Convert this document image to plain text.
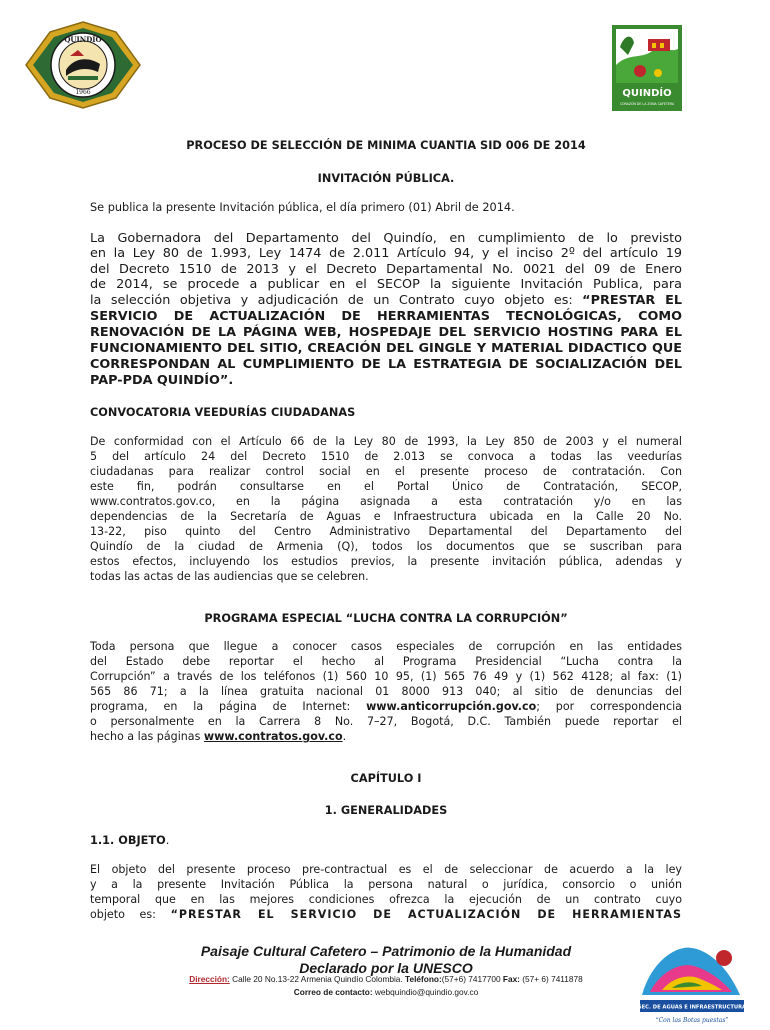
QUINDÍO
1966	QUINDÍO
CORAZÓN DE LA ZONA CAFETERA

PROCESO DE SELECCIÓN DE MINIMA CUANTIA SID 006 DE 2014

INVITACIÓN PÚBLICA.

Se publica la presente Invitación pública, el día primero (01) Abril de 2014.

La Gobernadora del Departamento del Quindío, en cumplimiento de lo previsto

en la Ley 80 de 1.993, Ley 1474 de 2.011 Artículo 94, y el inciso 2º del artículo 19

del Decreto 1510 de 2013 y el Decreto Departamental No. 0021 del 09 de Enero

de 2014, se procede a publicar en el SECOP la siguiente Invitación Publica, para

la selección objetiva y adjudicación de un Contrato cuyo objeto es: “PRESTAR EL

SERVICIO DE ACTUALIZACIÓN DE HERRAMIENTAS TECNOLÓGICAS, COMO

RENOVACIÓN DE LA PÁGINA WEB, HOSPEDAJE DEL SERVICIO HOSTING PARA EL

FUNCIONAMIENTO DEL SITIO, CREACIÓN DEL GINGLE Y MATERIAL DIDACTICO QUE

CORRESPONDAN AL CUMPLIMIENTO DE LA ESTRATEGIA DE SOCIALIZACIÓN DEL

PAP-PDA QUINDÍO”.

CONVOCATORIA VEEDURÍAS CIUDADANAS

De conformidad con el Artículo 66 de la Ley 80 de 1993, la Ley 850 de 2003 y el numeral

5 del artículo 24 del Decreto 1510 de 2.013 se convoca a todas las veedurías

ciudadanas para realizar control social en el presente proceso de contratación. Con

este fin, podrán consultarse en el Portal Único de Contratación, SECOP,

www.contratos.gov.co, en la página asignada a esta contratación y/o en las

dependencias de la Secretaría de Aguas e Infraestructura ubicada en la Calle 20 No.

13-22, piso quinto del Centro Administrativo Departamental del Departamento del

Quindío de la ciudad de Armenia (Q), todos los documentos que se suscriban para

estos efectos, incluyendo los estudios previos, la presente invitación pública, adendas y

todas las actas de las audiencias que se celebren.

PROGRAMA ESPECIAL “LUCHA CONTRA LA CORRUPCIÓN”

Toda persona que llegue a conocer casos especiales de corrupción en las entidades

del Estado debe reportar el hecho al Programa Presidencial “Lucha contra la

Corrupción” a través de los teléfonos (1) 560 10 95, (1) 565 76 49 y (1) 562 4128; al fax: (1)

565 86 71; a la línea gratuita nacional 01 8000 913 040; al sitio de denuncias del

programa, en la página de Internet: www.anticorrupción.gov.co; por correspondencia

o personalmente en la Carrera 8 No. 7–27, Bogotá, D.C. También puede reportar el

hecho a las páginas www.contratos.gov.co.

CAPÍTULO I

1. GENERALIDADES

1.1. OBJETO.

El objeto del presente proceso pre-contractual es el de seleccionar de acuerdo a la ley

y a la presente Invitación Pública la persona natural o jurídica, consorcio o unión

temporal que en las mejores condiciones ofrezca la ejecución de un contrato cuyo

objeto es: “PRESTAR EL SERVICIO DE ACTUALIZACIÓN DE HERRAMIENTAS

Paisaje Cultural Cafetero – Patrimonio de la Humanidad
Declarado por la UNESCO
Dirección: Calle 20 No.13-22 Armenia Quindío Colombia. Teléfono:(57+6) 7417700 Fax: (57+ 6) 7411878
Correo de contacto: webquindio@quindio.gov.co
SEC. DE AGUAS E INFRAESTRUCTURA
“Con las Botas puestas”
